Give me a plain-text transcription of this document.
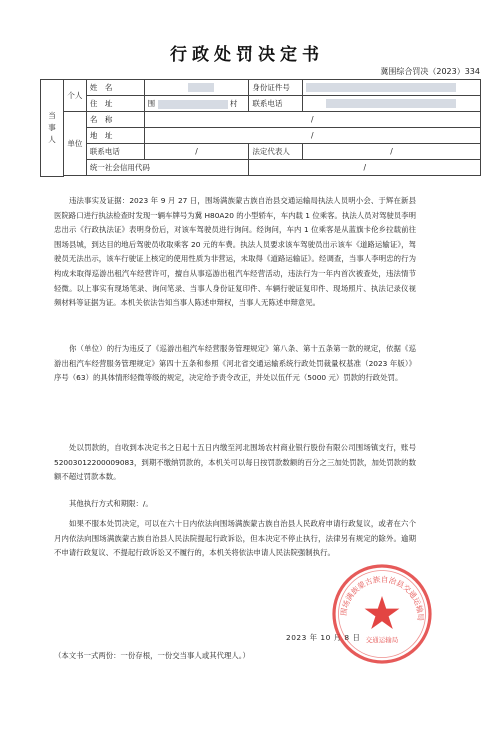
行政处罚决定书
冀围综合罚决（2023）334
当事人	个人	姓　名		身份证件号	
		住　址	围 村	联系电话	
	单位	名　称	/		
		地　址	/		
		联系电话	/	法定代表人	/
		统一社会信用代码		/	

违法事实及证据：2023 年 9 月 27 日，围场满族蒙古族自治县交通运输局执法人员明小会、于辉在新县医院路口进行执法检查时发现一辆车牌号为冀 H80A20 的小型轿车，车内载 1 位乘客。执法人员对驾驶员李明忠出示《行政执法证》表明身份后，对该车驾驶员进行询问。经询问，车内 1 位乘客是从蓝旗卡伦乡拉载前往围场县城，到达目的地后驾驶员收取乘客 20 元的车费。执法人员要求该车驾驶员出示该车《道路运输证》，驾驶员无法出示，该车行驶证上核定的使用性质为非营运，未取得《道路运输证》。经调查，当事人李明忠的行为构成未取得巡游出租汽车经营许可，擅自从事巡游出租汽车经营活动，违法行为一年内首次被查处，违法情节轻微。以上事实有现场笔录、询问笔录、当事人身份证复印件、车辆行驶证复印件、现场照片、执法记录仪视频材料等证据为证。本机关依法告知当事人陈述申辩权，当事人无陈述申辩意见。

你（单位）的行为违反了《巡游出租汽车经营服务管理规定》第八条、第十五条第一款的规定，依据《巡游出租汽车经营服务管理规定》第四十五条和参照《河北省交通运输系统行政处罚裁量权基准（2023 年版）》序号（63）的具体情形轻微等级的规定，决定给予责令改正，并处以伍仟元（5000 元）罚款的行政处罚。

处以罚款的，自收到本决定书之日起十五日内缴至河北围场农村商业银行股份有限公司围场镇支行，账号 52003012200009083，到期不缴纳罚款的，本机关可以每日按罚款数额的百分之三加处罚款，加处罚款的数额不超过罚款本数。

其他执行方式和期限：/。

如果不服本处罚决定，可以在六十日内依法向围场满族蒙古族自治县人民政府申请行政复议，或者在六个月内依法向围场满族蒙古族自治县人民法院提起行政诉讼，但本决定不停止执行，法律另有规定的除外。逾期不申请行政复议、不提起行政诉讼又不履行的，本机关将依法申请人民法院强制执行。

2023 年 10 月 8 日
围场满族蒙古族自治县交通运输局
交通运输局
（本文书一式两份：一份存根，一份交当事人或其代理人。）
